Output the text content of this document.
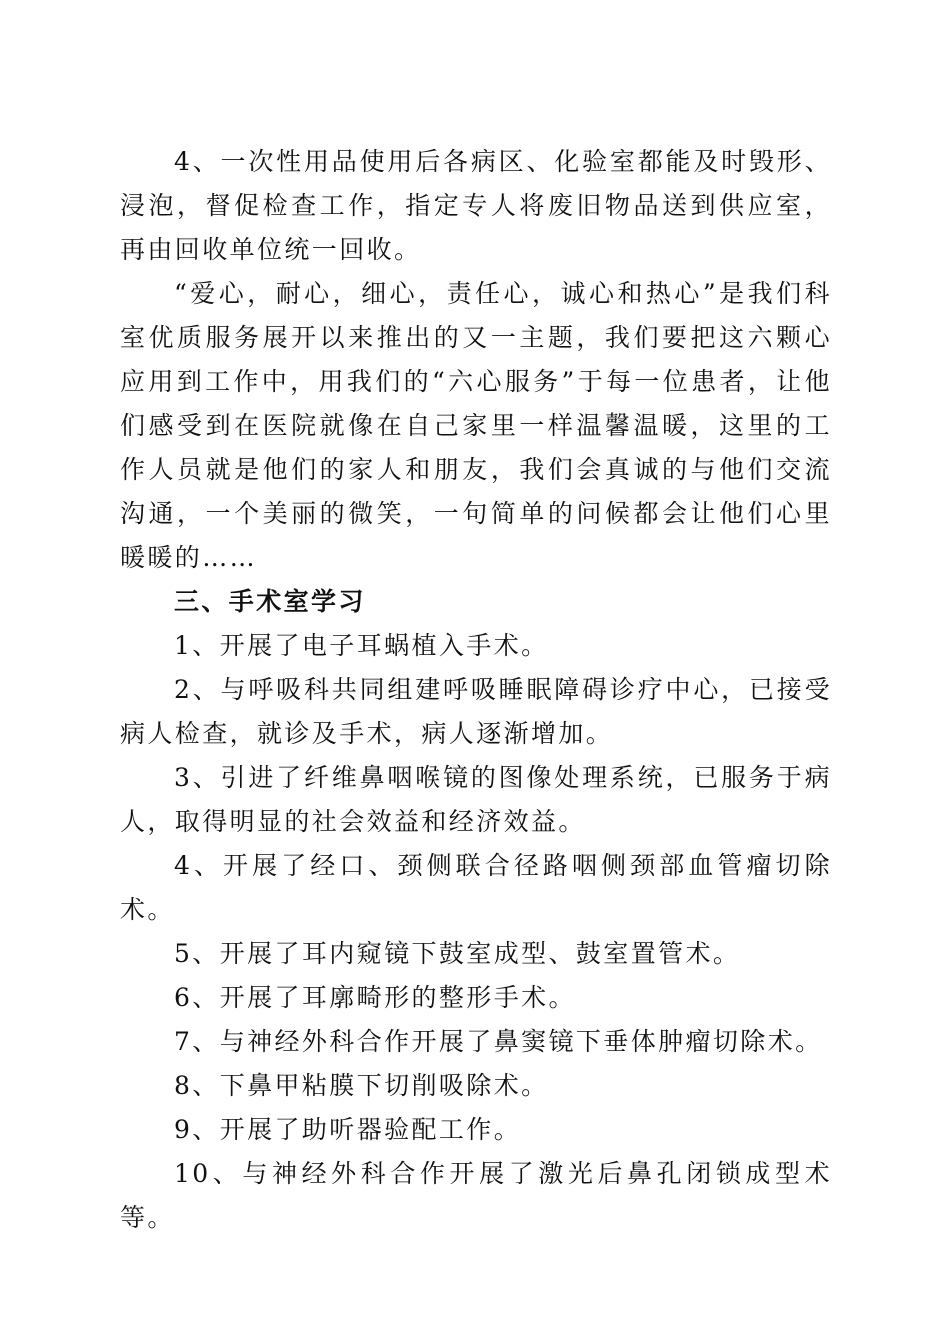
4、一次性用品使用后各病区、化验室都能及时毁形、浸泡，督促检查工作，指定专人将废旧物品送到供应室，再由回收单位统一回收。

“爱心，耐心，细心，责任心，诚心和热心”是我们科室优质服务展开以来推出的又一主题，我们要把这六颗心应用到工作中，用我们的“六心服务”于每一位患者，让他们感受到在医院就像在自己家里一样温馨温暖，这里的工作人员就是他们的家人和朋友，我们会真诚的与他们交流沟通，一个美丽的微笑，一句简单的问候都会让他们心里暖暖的……

三、手术室学习

1、开展了电子耳蜗植入手术。

2、与呼吸科共同组建呼吸睡眠障碍诊疗中心，已接受病人检查，就诊及手术，病人逐渐增加。

3、引进了纤维鼻咽喉镜的图像处理系统，已服务于病人，取得明显的社会效益和经济效益。

4、开展了经口、颈侧联合径路咽侧颈部血管瘤切除术。

5、开展了耳内窥镜下鼓室成型、鼓室置管术。

6、开展了耳廓畸形的整形手术。

7、与神经外科合作开展了鼻窦镜下垂体肿瘤切除术。

8、下鼻甲粘膜下切削吸除术。

9、开展了助听器验配工作。

10、与神经外科合作开展了激光后鼻孔闭锁成型术等。
